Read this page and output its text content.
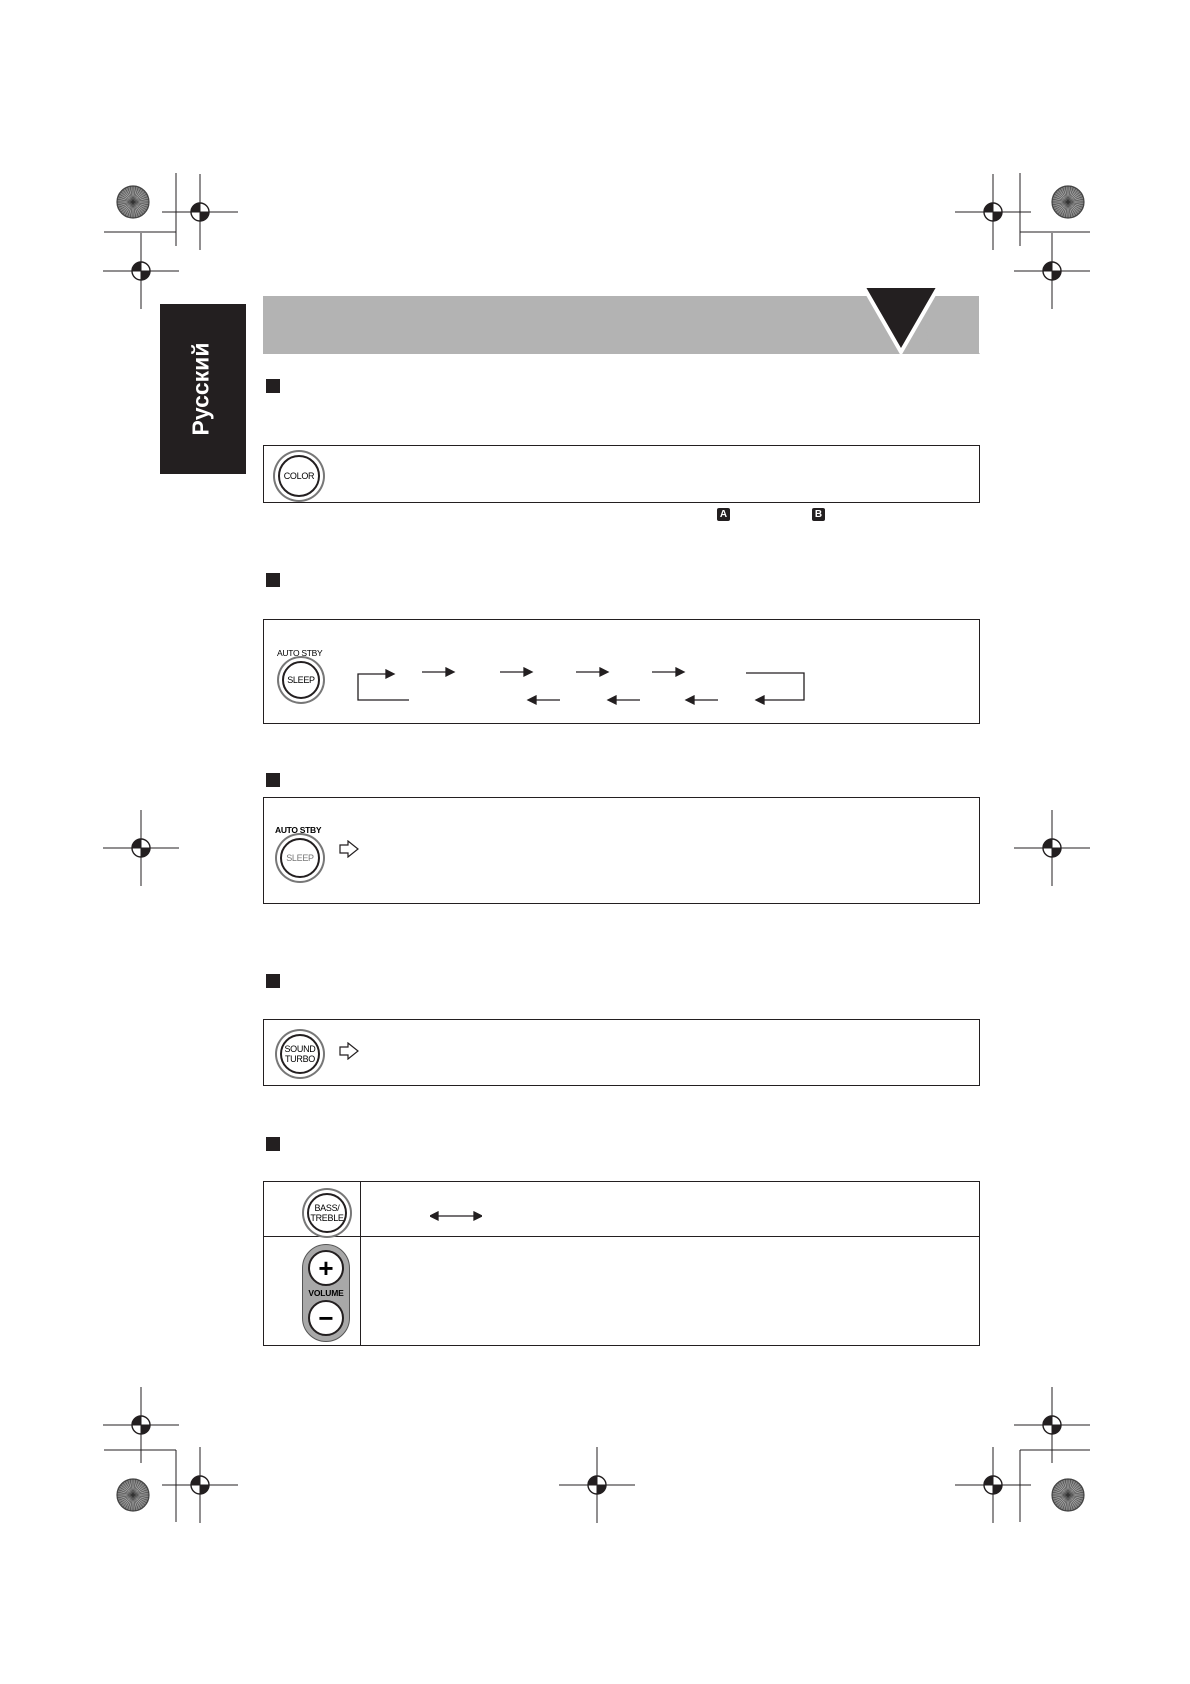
Русский
COLOR
A	B
AUTO STBY
SLEEP
AUTO STBY
SLEEP
SOUND
TURBO
BASS/
TREBLE
+
VOLUME
−
